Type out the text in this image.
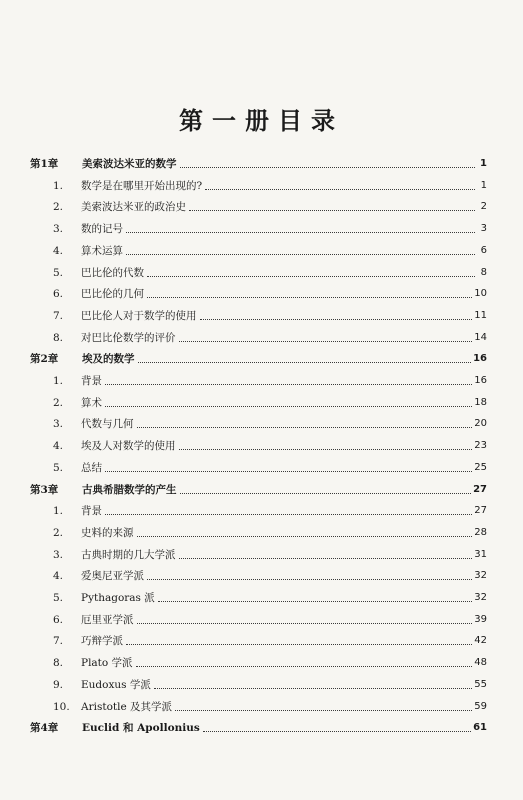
第一册目录
第1章	美索波达米亚的数学	1
1.	数学是在哪里开始出现的?	1
2.	美索波达米亚的政治史	2
3.	数的记号	3
4.	算术运算	6
5.	巴比伦的代数	8
6.	巴比伦的几何	10
7.	巴比伦人对于数学的使用	11
8.	对巴比伦数学的评价	14
第2章	埃及的数学	16
1.	背景	16
2.	算术	18
3.	代数与几何	20
4.	埃及人对数学的使用	23
5.	总结	25
第3章	古典希腊数学的产生	27
1.	背景	27
2.	史料的来源	28
3.	古典时期的几大学派	31
4.	爱奥尼亚学派	32
5.	Pythagoras 派	32
6.	厄里亚学派	39
7.	巧辩学派	42
8.	Plato 学派	48
9.	Eudoxus 学派	55
10.	Aristotle 及其学派	59
第4章	Euclid 和 Apollonius	61
